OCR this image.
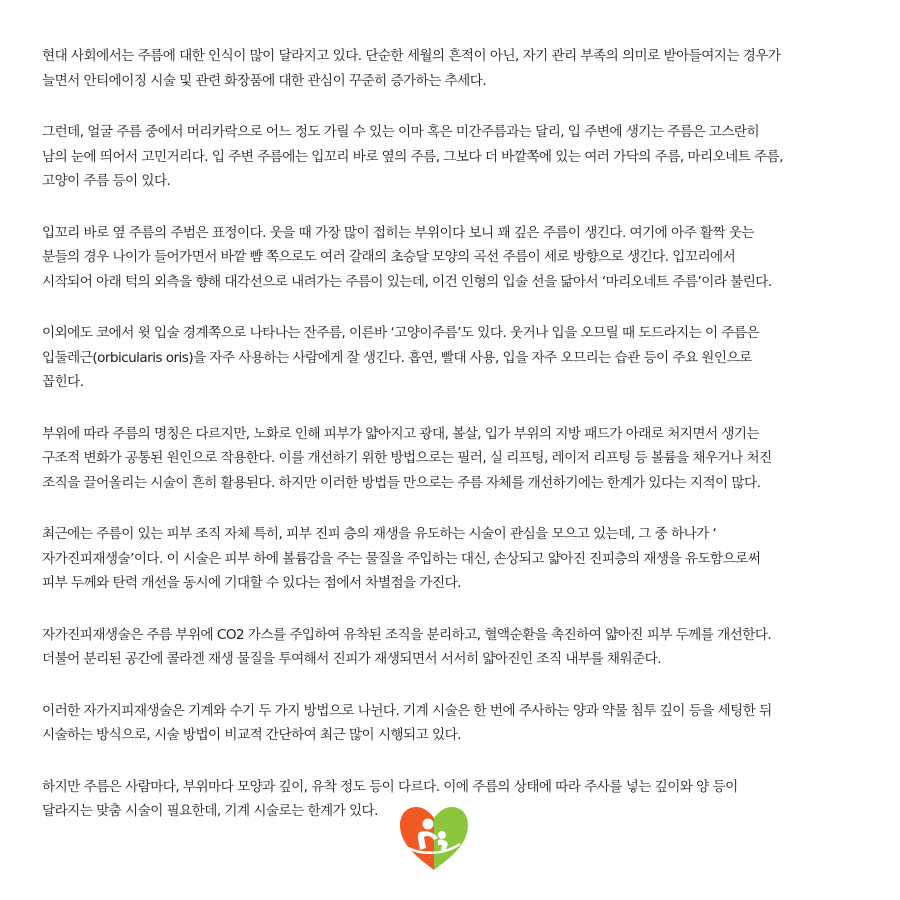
현대 사회에서는 주름에 대한 인식이 많이 달라지고 있다. 단순한 세월의 흔적이 아닌, 자기 관리 부족의 의미로 받아들여지는 경우가
늘면서 안티에이징 시술 및 관련 화장품에 대한 관심이 꾸준히 증가하는 추세다.

그런데, 얼굴 주름 중에서 머리카락으로 어느 정도 가릴 수 있는 이마 혹은 미간주름과는 달리, 입 주변에 생기는 주름은 고스란히
남의 눈에 띄어서 고민거리다. 입 주변 주름에는 입꼬리 바로 옆의 주름, 그보다 더 바깥쪽에 있는 여러 가닥의 주름, 마리오네트 주름,
고양이 주름 등이 있다.

입꼬리 바로 옆 주름의 주범은 표정이다. 웃을 때 가장 많이 접히는 부위이다 보니 꽤 깊은 주름이 생긴다. 여기에 아주 활짝 웃는
분들의 경우 나이가 들어가면서 바깥 뺨 쪽으로도 여러 갈래의 초승달 모양의 곡선 주름이 세로 방향으로 생긴다. 입꼬리에서
시작되어 아래 턱의 외측을 향해 대각선으로 내려가는 주름이 있는데, 이건 인형의 입술 선을 닮아서 ‘마리오네트 주름’이라 불린다.

이외에도 코에서 윗 입술 경계쪽으로 나타나는 잔주름, 이른바 ‘고양이주름’도 있다. 웃거나 입을 오므릴 때 도드라지는 이 주름은
입둘레근(orbicularis oris)을 자주 사용하는 사람에게 잘 생긴다. 흡연, 빨대 사용, 입을 자주 오므리는 습관 등이 주요 원인으로
꼽힌다.

부위에 따라 주름의 명칭은 다르지만, 노화로 인해 피부가 얇아지고 광대, 볼살, 입가 부위의 지방 패드가 아래로 처지면서 생기는
구조적 변화가 공통된 원인으로 작용한다. 이를 개선하기 위한 방법으로는 필러, 실 리프팅, 레이저 리프팅 등 볼륨을 채우거나 처진
조직을 끌어올리는 시술이 흔히 활용된다. 하지만 이러한 방법들 만으로는 주름 자체를 개선하기에는 한계가 있다는 지적이 많다.

최근에는 주름이 있는 피부 조직 자체 특히, 피부 진피 층의 재생을 유도하는 시술이 관심을 모으고 있는데, 그 중 하나가 ‘
자가진피재생술’이다. 이 시술은 피부 하에 볼륨감을 주는 물질을 주입하는 대신, 손상되고 얇아진 진피층의 재생을 유도함으로써
피부 두께와 탄력 개선을 동시에 기대할 수 있다는 점에서 차별점을 가진다.

자가진피재생술은 주름 부위에 CO2 가스를 주입하여 유착된 조직을 분리하고, 혈액순환을 촉진하여 얇아진 피부 두께를 개선한다.
더불어 분리된 공간에 콜라겐 재생 물질을 투여해서 진피가 재생되면서 서서히 얇아진인 조직 내부를 채워준다.

이러한 자가지피재생술은 기계와 수기 두 가지 방법으로 나뉜다. 기계 시술은 한 번에 주사하는 양과 약물 침투 깊이 등을 세팅한 뒤
시술하는 방식으로, 시술 방법이 비교적 간단하여 최근 많이 시행되고 있다.

하지만 주름은 사람마다, 부위마다 모양과 깊이, 유착 정도 등이 다르다. 이에 주름의 상태에 따라 주사를 넣는 깊이와 양 등이
달라지는 맞춤 시술이 필요한데, 기계 시술로는 한계가 있다.
